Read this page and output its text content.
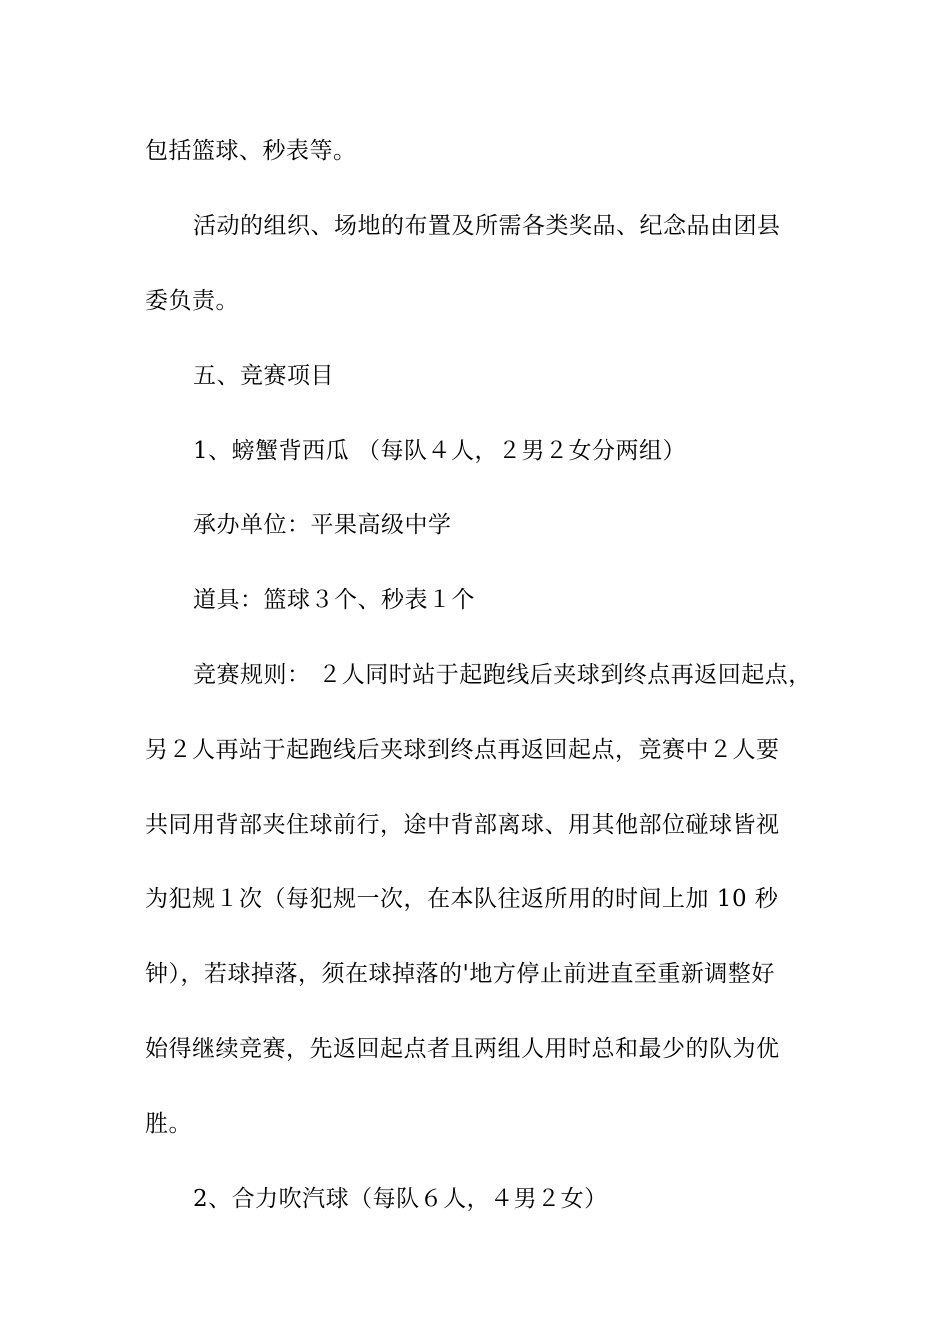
包括篮球、秒表等。
活动的组织、场地的布置及所需各类奖品、纪念品由团县
委负责。
五、竞赛项目
1、螃蟹背西瓜 （每队４人，２男２女分两组）
承办单位：平果高级中学
道具：篮球３个、秒表１个
竞赛规则： ２人同时站于起跑线后夹球到终点再返回起点，
另２人再站于起跑线后夹球到终点再返回起点，竞赛中２人要
共同用背部夹住球前行，途中背部离球、用其他部位碰球皆视
为犯规１次（每犯规一次，在本队往返所用的时间上加 10 秒
钟），若球掉落，须在球掉落的'地方停止前进直至重新调整好
始得继续竞赛，先返回起点者且两组人用时总和最少的队为优
胜。
2、合力吹汽球（每队６人，４男２女）
